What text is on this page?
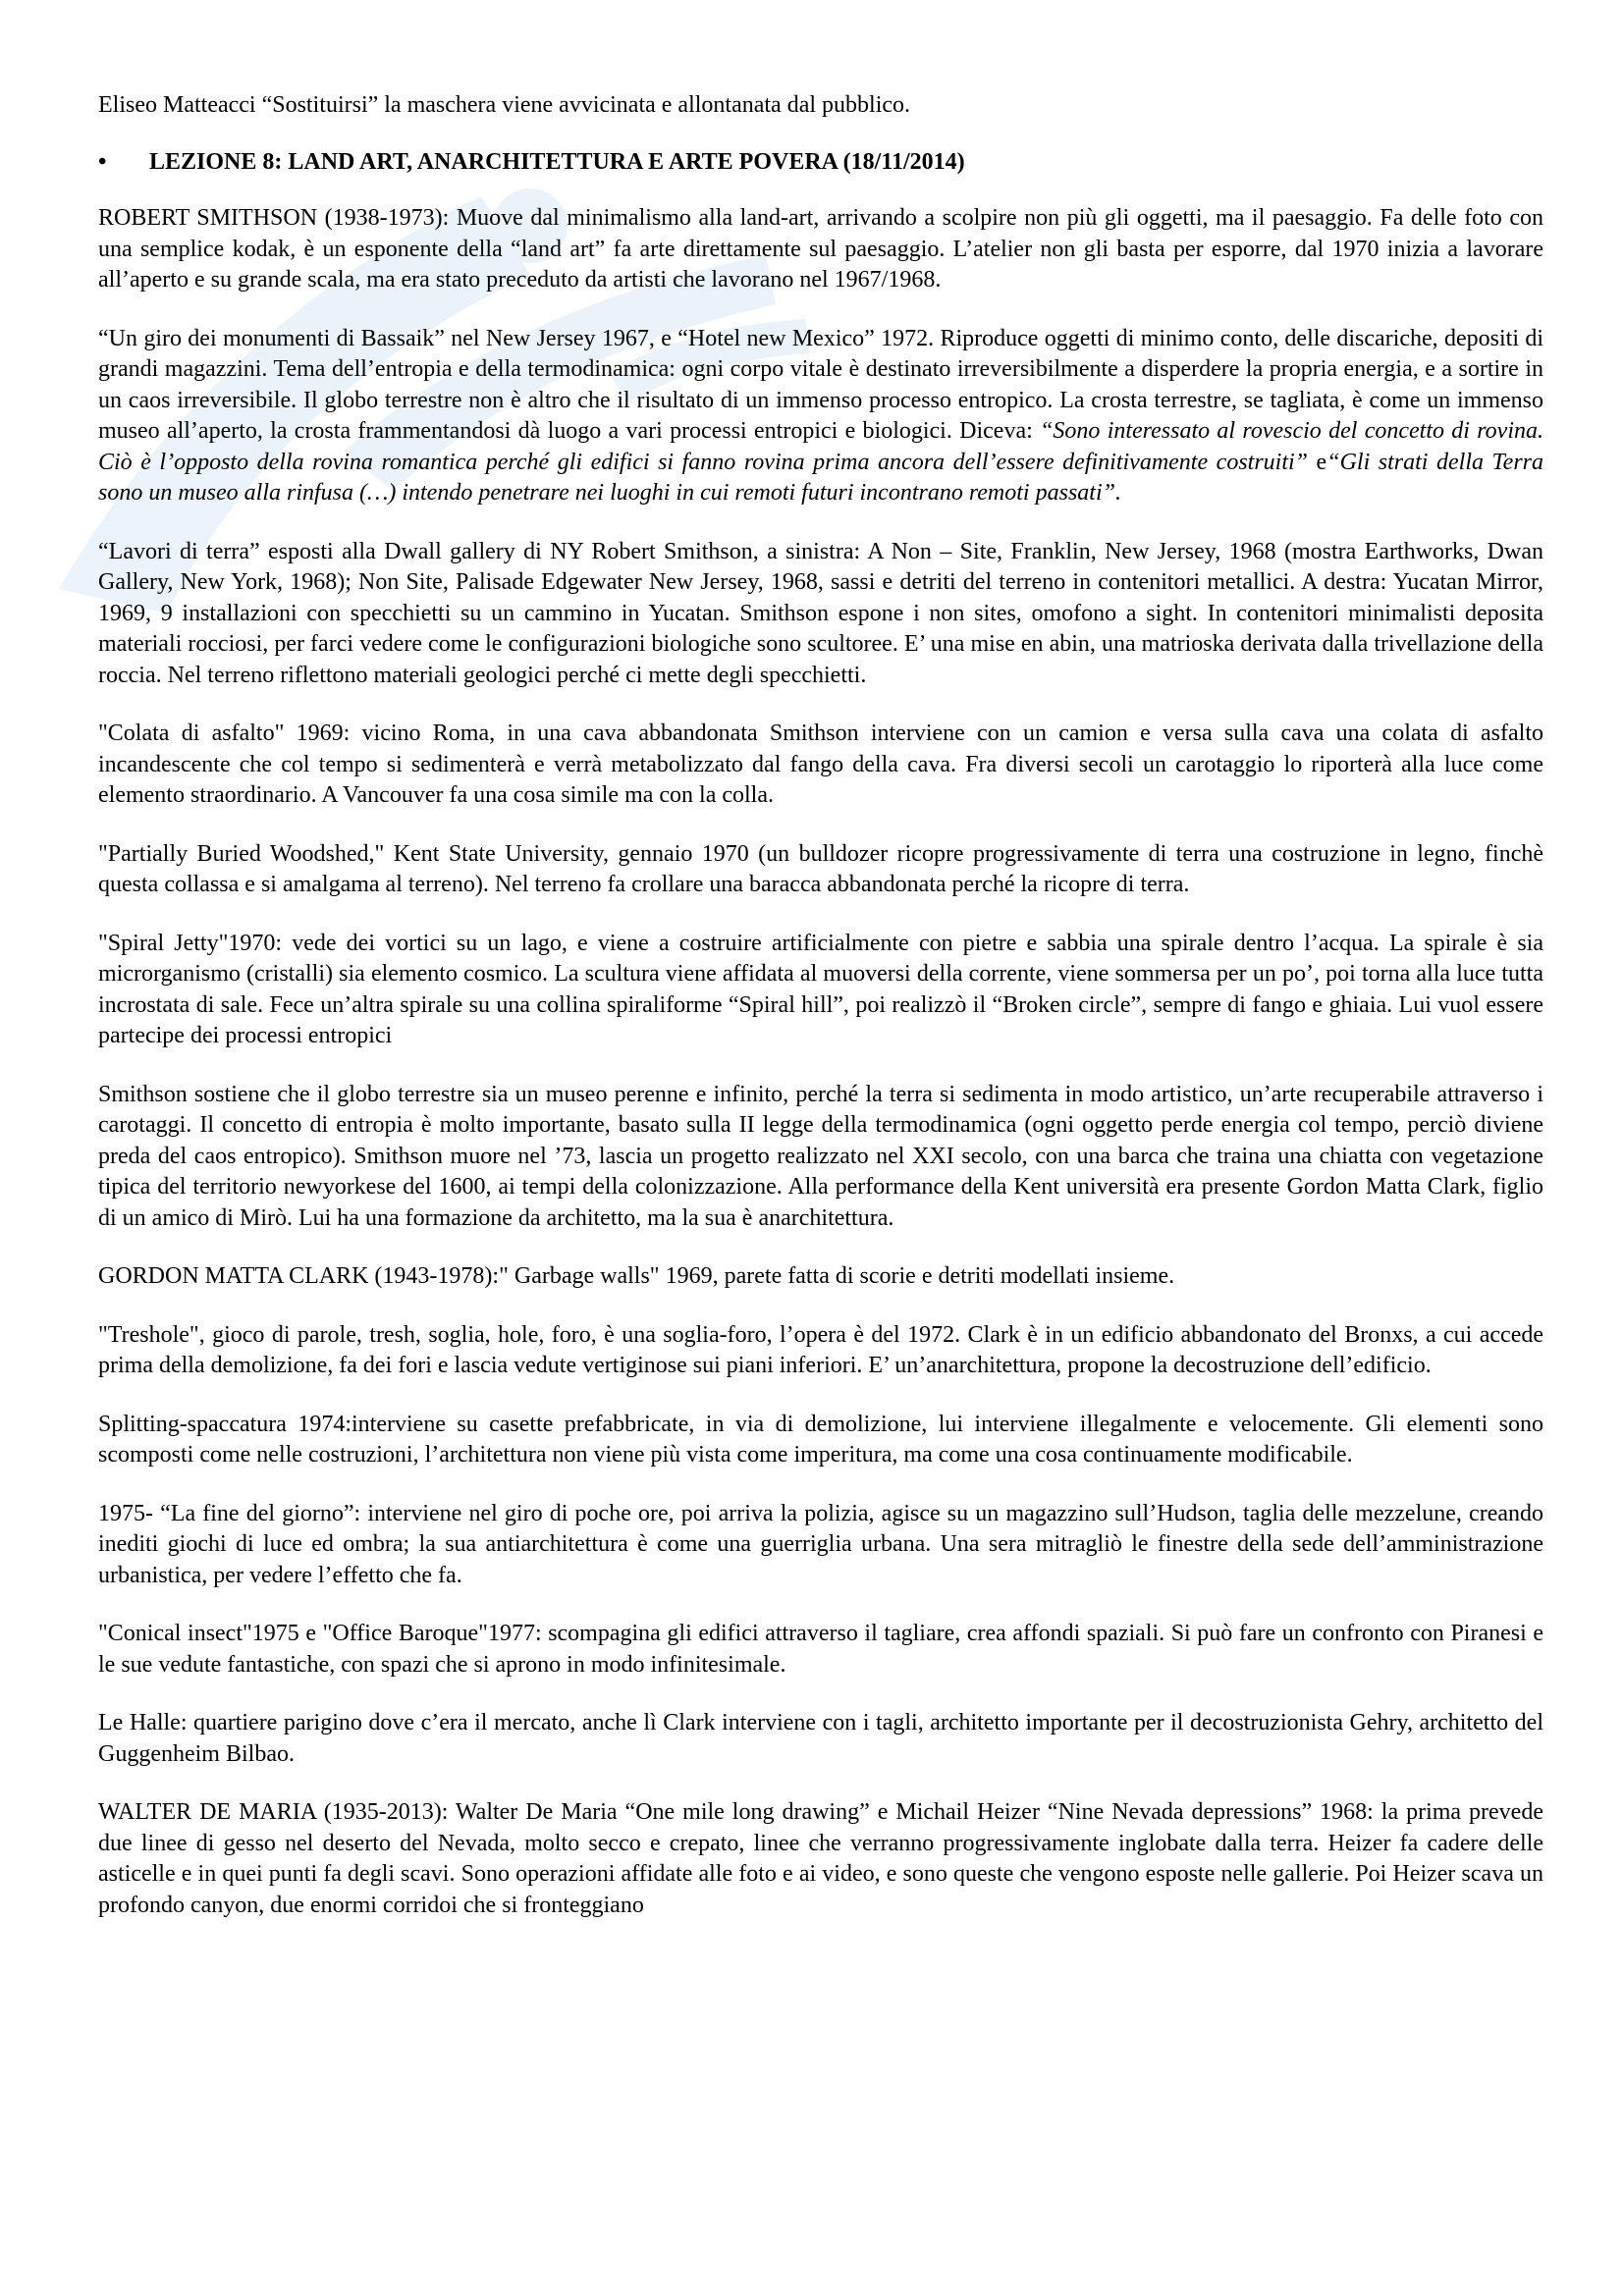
Eliseo Matteacci “Sostituirsi” la maschera viene avvicinata e allontanata dal pubblico.

• LEZIONE 8: LAND ART, ANARCHITETTURA E ARTE POVERA (18/11/2014)

ROBERT SMITHSON (1938-1973): Muove dal minimalismo alla land-art, arrivando a scolpire non più gli oggetti, ma il paesaggio. Fa delle foto con una semplice kodak, è un esponente della “land art” fa arte direttamente sul paesaggio. L’atelier non gli basta per esporre, dal 1970 inizia a lavorare all’aperto e su grande scala, ma era stato preceduto da artisti che lavorano nel 1967/1968.

“Un giro dei monumenti di Bassaik” nel New Jersey 1967, e “Hotel new Mexico” 1972. Riproduce oggetti di minimo conto, delle discariche, depositi di grandi magazzini. Tema dell’entropia e della termodinamica: ogni corpo vitale è destinato irreversibilmente a disperdere la propria energia, e a sortire in un caos irreversibile. Il globo terrestre non è altro che il risultato di un immenso processo entropico. La crosta terrestre, se tagliata, è come un immenso museo all’aperto, la crosta frammentandosi dà luogo a vari processi entropici e biologici. Diceva: “Sono interessato al rovescio del concetto di rovina. Ciò è l’opposto della rovina romantica perché gli edifici si fanno rovina prima ancora dell’essere definitivamente costruiti” e“Gli strati della Terra sono un museo alla rinfusa (…) intendo penetrare nei luoghi in cui remoti futuri incontrano remoti passati”.

“Lavori di terra” esposti alla Dwall gallery di NY Robert Smithson, a sinistra: A Non – Site, Franklin, New Jersey, 1968 (mostra Earthworks, Dwan Gallery, New York, 1968); Non Site, Palisade Edgewater New Jersey, 1968, sassi e detriti del terreno in contenitori metallici. A destra: Yucatan Mirror, 1969, 9 installazioni con specchietti su un cammino in Yucatan. Smithson espone i non sites, omofono a sight. In contenitori minimalisti deposita materiali rocciosi, per farci vedere come le configurazioni biologiche sono scultoree. E’ una mise en abin, una matrioska derivata dalla trivellazione della roccia. Nel terreno riflettono materiali geologici perché ci mette degli specchietti.

"Colata di asfalto" 1969: vicino Roma, in una cava abbandonata Smithson interviene con un camion e versa sulla cava una colata di asfalto incandescente che col tempo si sedimenterà e verrà metabolizzato dal fango della cava. Fra diversi secoli un carotaggio lo riporterà alla luce come elemento straordinario. A Vancouver fa una cosa simile ma con la colla.

"Partially Buried Woodshed," Kent State University, gennaio 1970 (un bulldozer ricopre progressivamente di terra una costruzione in legno, finchè questa collassa e si amalgama al terreno). Nel terreno fa crollare una baracca abbandonata perché la ricopre di terra.

"Spiral Jetty"1970: vede dei vortici su un lago, e viene a costruire artificialmente con pietre e sabbia una spirale dentro l’acqua. La spirale è sia microrganismo (cristalli) sia elemento cosmico. La scultura viene affidata al muoversi della corrente, viene sommersa per un po’, poi torna alla luce tutta incrostata di sale. Fece un’altra spirale su una collina spiraliforme “Spiral hill”, poi realizzò il “Broken circle”, sempre di fango e ghiaia. Lui vuol essere partecipe dei processi entropici

Smithson sostiene che il globo terrestre sia un museo perenne e infinito, perché la terra si sedimenta in modo artistico, un’arte recuperabile attraverso i carotaggi. Il concetto di entropia è molto importante, basato sulla II legge della termodinamica (ogni oggetto perde energia col tempo, perciò diviene preda del caos entropico). Smithson muore nel ’73, lascia un progetto realizzato nel XXI secolo, con una barca che traina una chiatta con vegetazione tipica del territorio newyorkese del 1600, ai tempi della colonizzazione. Alla performance della Kent università era presente Gordon Matta Clark, figlio di un amico di Mirò. Lui ha una formazione da architetto, ma la sua è anarchitettura.

GORDON MATTA CLARK (1943-1978):" Garbage walls" 1969, parete fatta di scorie e detriti modellati insieme.

"Treshole", gioco di parole, tresh, soglia, hole, foro, è una soglia-foro, l’opera è del 1972. Clark è in un edificio abbandonato del Bronxs, a cui accede prima della demolizione, fa dei fori e lascia vedute vertiginose sui piani inferiori. E’ un’anarchitettura, propone la decostruzione dell’edificio.

Splitting-spaccatura 1974:interviene su casette prefabbricate, in via di demolizione, lui interviene illegalmente e velocemente. Gli elementi sono scomposti come nelle costruzioni, l’architettura non viene più vista come imperitura, ma come una cosa continuamente modificabile.

1975- “La fine del giorno”: interviene nel giro di poche ore, poi arriva la polizia, agisce su un magazzino sull’Hudson, taglia delle mezzelune, creando inediti giochi di luce ed ombra; la sua antiarchitettura è come una guerriglia urbana. Una sera mitragliò le finestre della sede dell’amministrazione urbanistica, per vedere l’effetto che fa.

"Conical insect"1975 e "Office Baroque"1977: scompagina gli edifici attraverso il tagliare, crea affondi spaziali. Si può fare un confronto con Piranesi e le sue vedute fantastiche, con spazi che si aprono in modo infinitesimale.

Le Halle: quartiere parigino dove c’era il mercato, anche lì Clark interviene con i tagli, architetto importante per il decostruzionista Gehry, architetto del Guggenheim Bilbao.

WALTER DE MARIA (1935-2013): Walter De Maria “One mile long drawing” e Michail Heizer “Nine Nevada depressions” 1968: la prima prevede due linee di gesso nel deserto del Nevada, molto secco e crepato, linee che verranno progressivamente inglobate dalla terra. Heizer fa cadere delle asticelle e in quei punti fa degli scavi. Sono operazioni affidate alle foto e ai video, e sono queste che vengono esposte nelle gallerie. Poi Heizer scava un profondo canyon, due enormi corridoi che si fronteggiano
